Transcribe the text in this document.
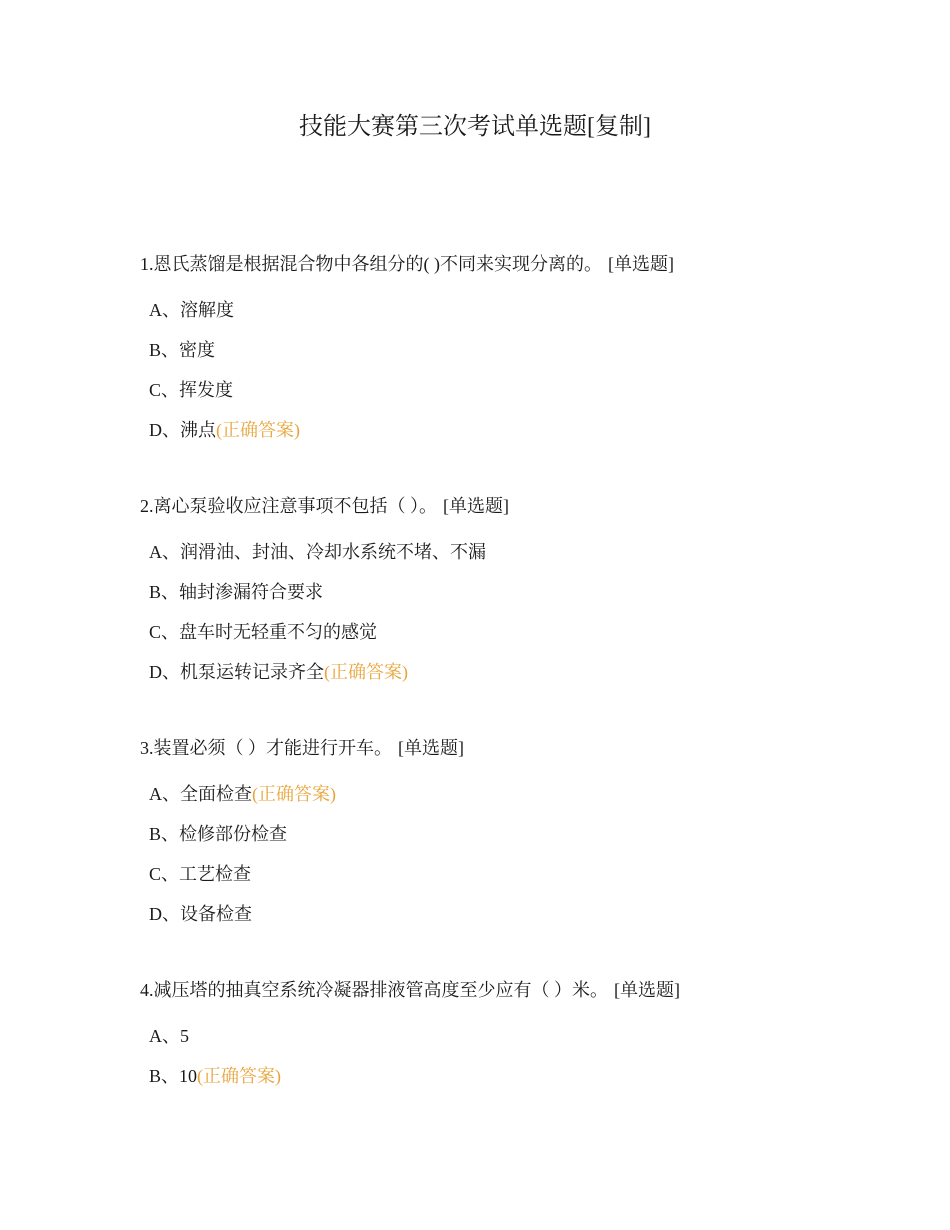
技能大赛第三次考试单选题[复制]

1.恩氏蒸馏是根据混合物中各组分的( )不同来实现分离的。 [单选题]

A、溶解度
B、密度
C、挥发度
D、沸点(正确答案)

2.离心泵验收应注意事项不包括（ ）。 [单选题]

A、润滑油、封油、冷却水系统不堵、不漏
B、轴封渗漏符合要求
C、盘车时无轻重不匀的感觉
D、机泵运转记录齐全(正确答案)

3.装置必须（ ）才能进行开车。 [单选题]

A、全面检查(正确答案)
B、检修部份检查
C、工艺检查
D、设备检查

4.减压塔的抽真空系统冷凝器排液管高度至少应有（ ）米。 [单选题]

A、5
B、10(正确答案)
